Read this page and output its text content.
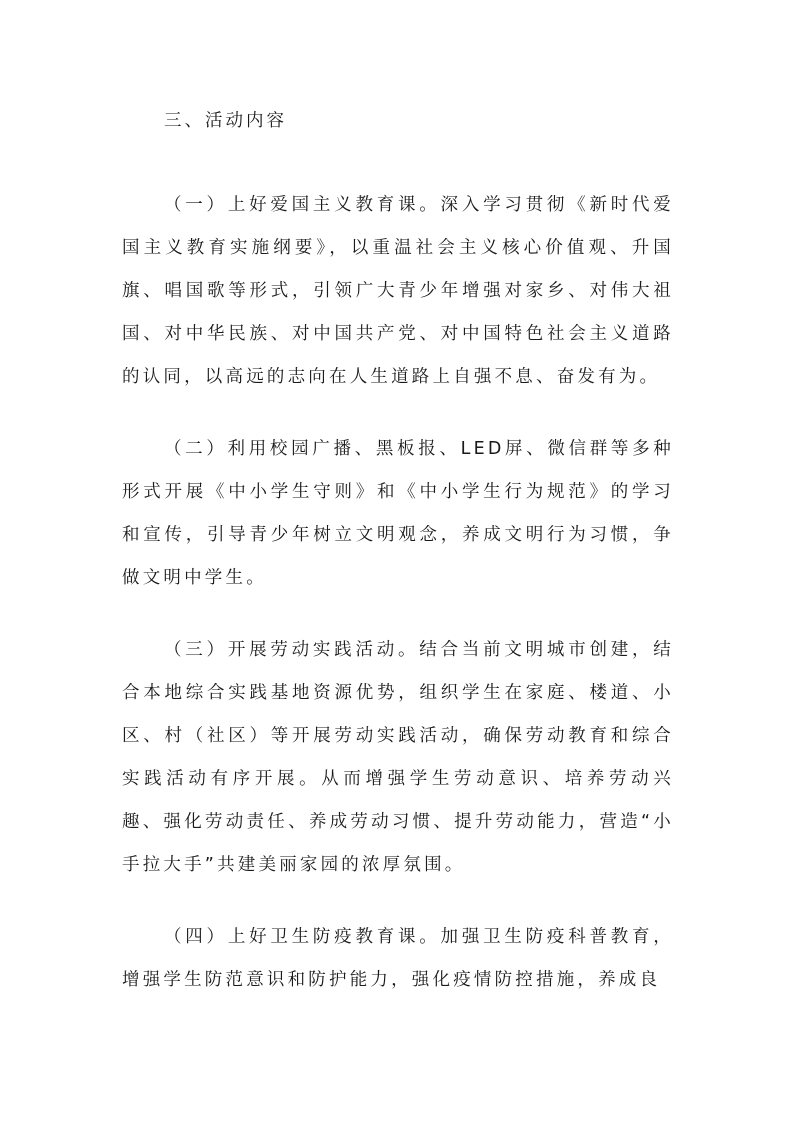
三、活动内容

（一）上好爱国主义教育课。深入学习贯彻《新时代爱国主义教育实施纲要》，以重温社会主义核心价值观、升国旗、唱国歌等形式，引领广大青少年增强对家乡、对伟大祖国、对中华民族、对中国共产党、对中国特色社会主义道路的认同，以高远的志向在人生道路上自强不息、奋发有为。

（二）利用校园广播、黑板报、LED屏、微信群等多种形式开展《中小学生守则》和《中小学生行为规范》的学习和宣传，引导青少年树立文明观念，养成文明行为习惯，争做文明中学生。

（三）开展劳动实践活动。结合当前文明城市创建，结合本地综合实践基地资源优势，组织学生在家庭、楼道、小区、村（社区）等开展劳动实践活动，确保劳动教育和综合实践活动有序开展。从而增强学生劳动意识、培养劳动兴趣、强化劳动责任、养成劳动习惯、提升劳动能力，营造“小手拉大手”共建美丽家园的浓厚氛围。

（四）上好卫生防疫教育课。加强卫生防疫科普教育，增强学生防范意识和防护能力，强化疫情防控措施，养成良
